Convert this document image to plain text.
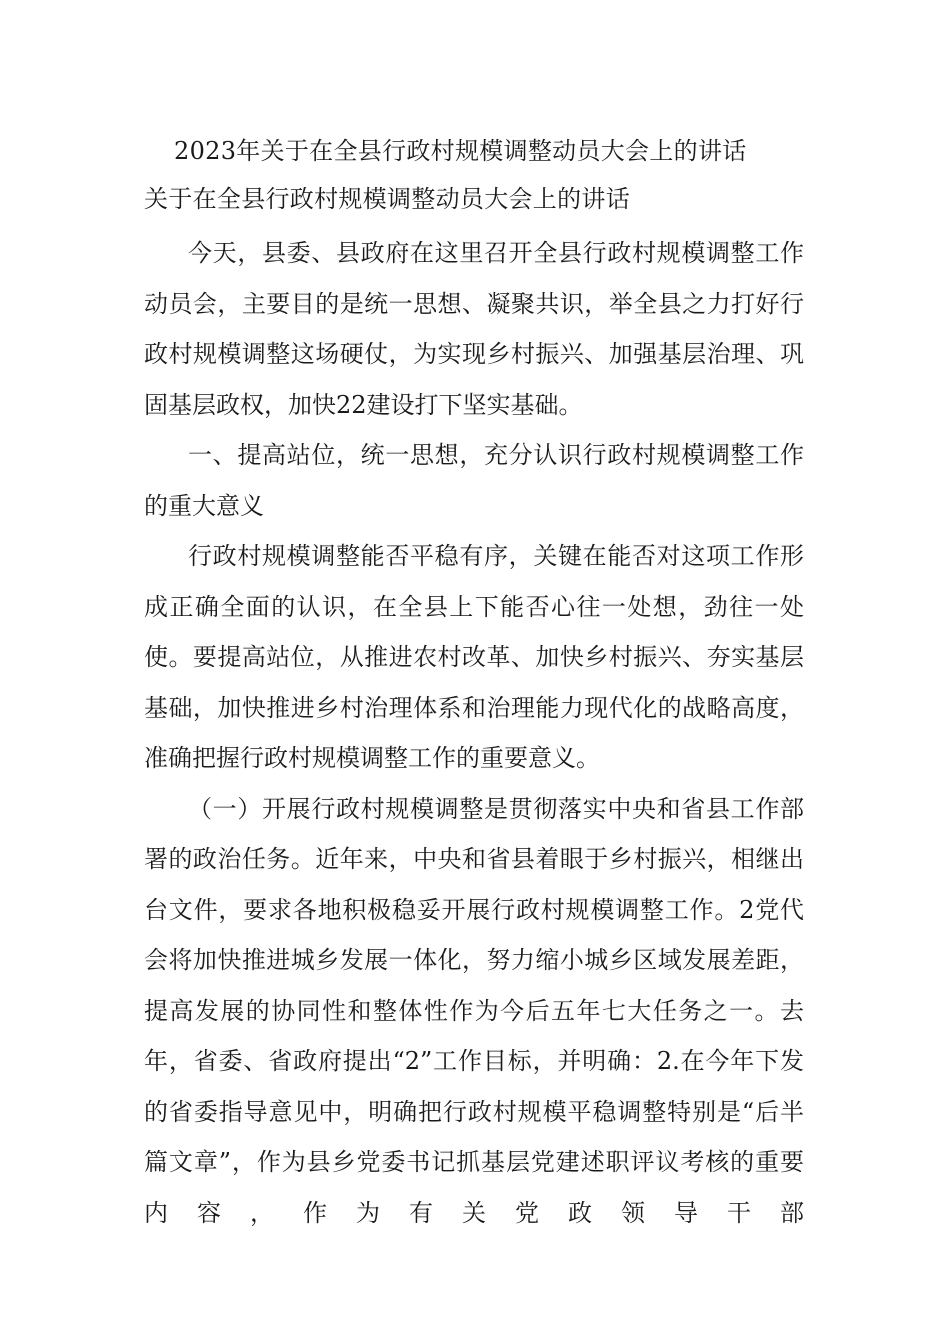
2023年关于在全县行政村规模调整动员大会上的讲话
关于在全县行政村规模调整动员大会上的讲话

今天，县委、县政府在这里召开全县行政村规模调整工作动员会，主要目的是统一思想、凝聚共识，举全县之力打好行政村规模调整这场硬仗，为实现乡村振兴、加强基层治理、巩固基层政权，加快22建设打下坚实基础。

一、提高站位，统一思想，充分认识行政村规模调整工作的重大意义

行政村规模调整能否平稳有序，关键在能否对这项工作形成正确全面的认识，在全县上下能否心往一处想，劲往一处使。要提高站位，从推进农村改革、加快乡村振兴、夯实基层基础，加快推进乡村治理体系和治理能力现代化的战略高度，准确把握行政村规模调整工作的重要意义。

（一）开展行政村规模调整是贯彻落实中央和省县工作部署的政治任务。近年来，中央和省县着眼于乡村振兴，相继出台文件，要求各地积极稳妥开展行政村规模调整工作。2党代会将加快推进城乡发展一体化，努力缩小城乡区域发展差距，提高发展的协同性和整体性作为今后五年七大任务之一。去年，省委、省政府提出“2”工作目标，并明确：2.在今年下发的省委指导意见中，明确把行政村规模平稳调整特别是“后半篇文章”，作为县乡党委书记抓基层党建述职评议考核的重要内容，作为有关党政领导干部
